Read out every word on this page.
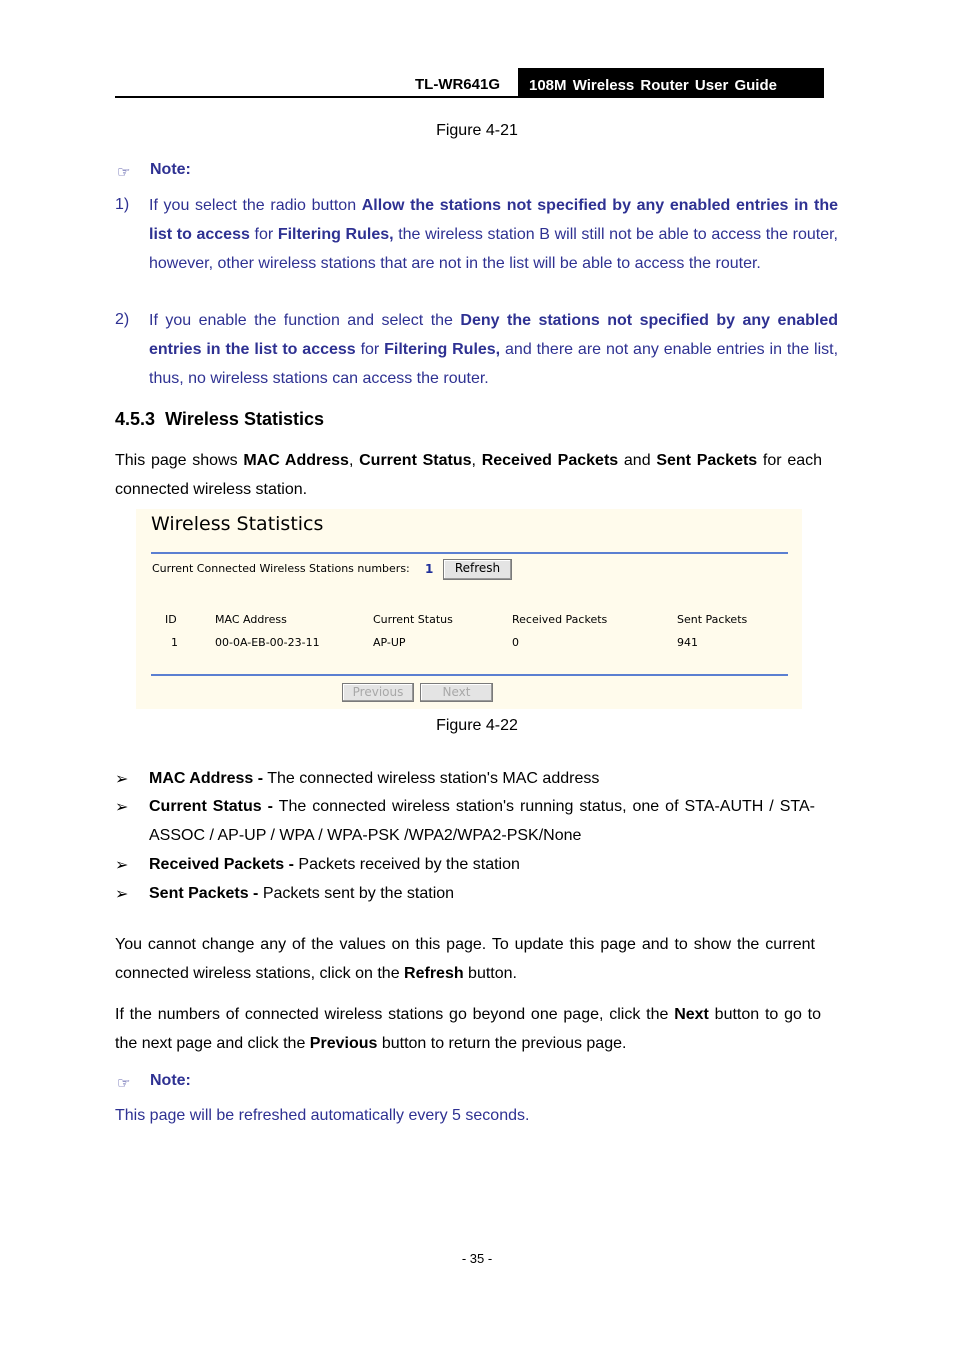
TL-WR641G	108M Wireless Router User Guide
Figure 4-21
☞ Note:
1) If you select the radio button Allow the stations not specified by any enabled entries in the list to access for Filtering Rules, the wireless station B will still not be able to access the router, however, other wireless stations that are not in the list will be able to access the router.
2) If you enable the function and select the Deny the stations not specified by any enabled entries in the list to access for Filtering Rules, and there are not any enable entries in the list, thus, no wireless stations can access the router.
4.5.3 Wireless Statistics
This page shows MAC Address, Current Status, Received Packets and Sent Packets for each connected wireless station.
Wireless Statistics
Current Connected Wireless Stations numbers: 1	Refresh
ID	MAC Address	Current Status	Received Packets	Sent Packets
1	00-0A-EB-00-23-11	AP-UP	0	941
Previous	Next
Figure 4-22
➢ MAC Address - The connected wireless station's MAC address
➢ Current Status - The connected wireless station's running status, one of STA-AUTH / STA-ASSOC / AP-UP / WPA / WPA-PSK /WPA2/WPA2-PSK/None
➢ Received Packets - Packets received by the station
➢ Sent Packets - Packets sent by the station
You cannot change any of the values on this page. To update this page and to show the current connected wireless stations, click on the Refresh button.
If the numbers of connected wireless stations go beyond one page, click the Next button to go to the next page and click the Previous button to return the previous page.
☞ Note:
This page will be refreshed automatically every 5 seconds.
- 35 -
